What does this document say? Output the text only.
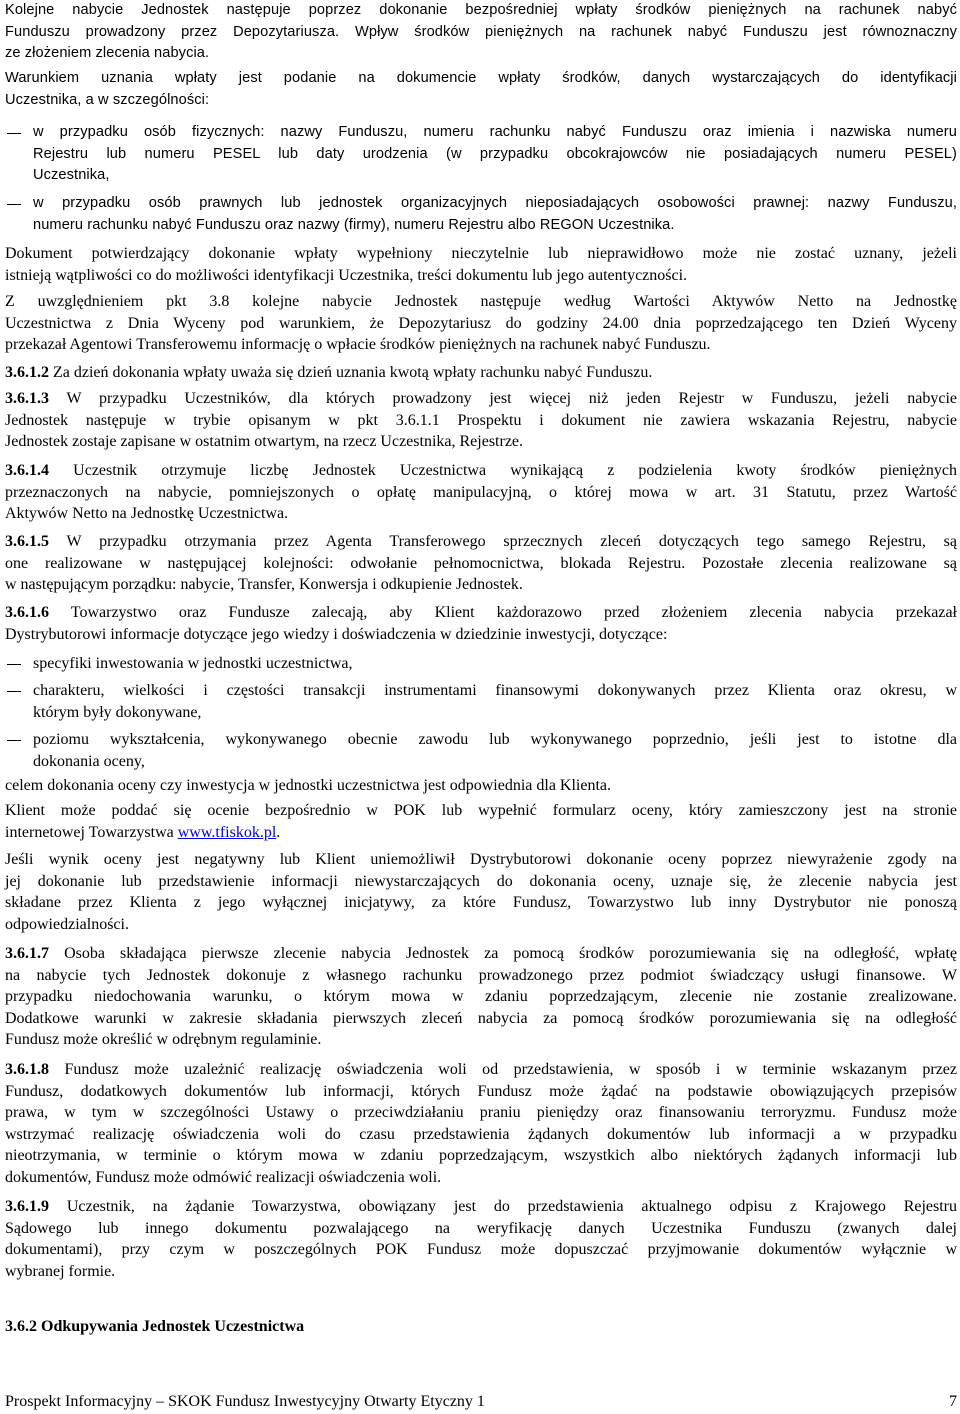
Kolejne nabycie Jednostek następuje poprzez dokonanie bezpośredniej wpłaty środków pieniężnych na rachunek nabyć
Funduszu prowadzony przez Depozytariusza. Wpływ środków pieniężnych na rachunek nabyć Funduszu jest równoznaczny
ze złożeniem zlecenia nabycia.
Warunkiem uznania wpłaty jest podanie na dokumencie wpłaty środków, danych wystarczających do identyfikacji
Uczestnika, a w szczególności:
w przypadku osób fizycznych: nazwy Funduszu, numeru rachunku nabyć Funduszu oraz imienia i nazwiska numeru
Rejestru lub numeru PESEL lub daty urodzenia (w przypadku obcokrajowców nie posiadających numeru PESEL)
Uczestnika,
w przypadku osób prawnych lub jednostek organizacyjnych nieposiadających osobowości prawnej: nazwy Funduszu,
numeru rachunku nabyć Funduszu oraz nazwy (firmy), numeru Rejestru albo REGON Uczestnika.
Dokument potwierdzający dokonanie wpłaty wypełniony nieczytelnie lub nieprawidłowo może nie zostać uznany, jeżeli
istnieją wątpliwości co do możliwości identyfikacji Uczestnika, treści dokumentu lub jego autentyczności.
Z uwzględnieniem pkt 3.8 kolejne nabycie Jednostek następuje według Wartości Aktywów Netto na Jednostkę
Uczestnictwa z Dnia Wyceny pod warunkiem, że Depozytariusz do godziny 24.00 dnia poprzedzającego ten Dzień Wyceny
przekazał Agentowi Transferowemu informację o wpłacie środków pieniężnych na rachunek nabyć Funduszu.
3.6.1.2 Za dzień dokonania wpłaty uważa się dzień uznania kwotą wpłaty rachunku nabyć Funduszu.
3.6.1.3 W przypadku Uczestników, dla których prowadzony jest więcej niż jeden Rejestr w Funduszu, jeżeli nabycie
Jednostek następuje w trybie opisanym w pkt 3.6.1.1 Prospektu i dokument nie zawiera wskazania Rejestru, nabycie
Jednostek zostaje zapisane w ostatnim otwartym, na rzecz Uczestnika, Rejestrze.
3.6.1.4 Uczestnik otrzymuje liczbę Jednostek Uczestnictwa wynikającą z podzielenia kwoty środków pieniężnych
przeznaczonych na nabycie, pomniejszonych o opłatę manipulacyjną, o której mowa w art. 31 Statutu, przez Wartość
Aktywów Netto na Jednostkę Uczestnictwa.
3.6.1.5 W przypadku otrzymania przez Agenta Transferowego sprzecznych zleceń dotyczących tego samego Rejestru, są
one realizowane w następującej kolejności: odwołanie pełnomocnictwa, blokada Rejestru. Pozostałe zlecenia realizowane są
w następującym porządku: nabycie, Transfer, Konwersja i odkupienie Jednostek.
3.6.1.6 Towarzystwo oraz Fundusze zalecają, aby Klient każdorazowo przed złożeniem zlecenia nabycia przekazał
Dystrybutorowi informacje dotyczące jego wiedzy i doświadczenia w dziedzinie inwestycji, dotyczące:
specyfiki inwestowania w jednostki uczestnictwa,
charakteru, wielkości i częstości transakcji instrumentami finansowymi dokonywanych przez Klienta oraz okresu, w
którym były dokonywane,
poziomu wykształcenia, wykonywanego obecnie zawodu lub wykonywanego poprzednio, jeśli jest to istotne dla
dokonania oceny,
celem dokonania oceny czy inwestycja w jednostki uczestnictwa jest odpowiednia dla Klienta.
Klient może poddać się ocenie bezpośrednio w POK lub wypełnić formularz oceny, który zamieszczony jest na stronie
internetowej Towarzystwa www.tfiskok.pl.
Jeśli wynik oceny jest negatywny lub Klient uniemożliwił Dystrybutorowi dokonanie oceny poprzez niewyrażenie zgody na
jej dokonanie lub przedstawienie informacji niewystarczających do dokonania oceny, uznaje się, że zlecenie nabycia jest
składane przez Klienta z jego wyłącznej inicjatywy, za które Fundusz, Towarzystwo lub inny Dystrybutor nie ponoszą
odpowiedzialności.
3.6.1.7 Osoba składająca pierwsze zlecenie nabycia Jednostek za pomocą środków porozumiewania się na odległość, wpłatę
na nabycie tych Jednostek dokonuje z własnego rachunku prowadzonego przez podmiot świadczący usługi finansowe. W
przypadku niedochowania warunku, o którym mowa w zdaniu poprzedzającym, zlecenie nie zostanie zrealizowane.
Dodatkowe warunki w zakresie składania pierwszych zleceń nabycia za pomocą środków porozumiewania się na odległość
Fundusz może określić w odrębnym regulaminie.
3.6.1.8 Fundusz może uzależnić realizację oświadczenia woli od przedstawienia, w sposób i w terminie wskazanym przez
Fundusz, dodatkowych dokumentów lub informacji, których Fundusz może żądać na podstawie obowiązujących przepisów
prawa, w tym w szczególności Ustawy o przeciwdziałaniu praniu pieniędzy oraz finansowaniu terroryzmu. Fundusz może
wstrzymać realizację oświadczenia woli do czasu przedstawienia żądanych dokumentów lub informacji a w przypadku
nieotrzymania, w terminie o którym mowa w zdaniu poprzedzającym, wszystkich albo niektórych żądanych informacji lub
dokumentów, Fundusz może odmówić realizacji oświadczenia woli.
3.6.1.9 Uczestnik, na żądanie Towarzystwa, obowiązany jest do przedstawienia aktualnego odpisu z Krajowego Rejestru
Sądowego lub innego dokumentu pozwalającego na weryfikację danych Uczestnika Funduszu (zwanych dalej
dokumentami), przy czym w poszczególnych POK Fundusz może dopuszczać przyjmowanie dokumentów wyłącznie w
wybranej formie.
3.6.2 Odkupywania Jednostek Uczestnictwa
Prospekt Informacyjny – SKOK Fundusz Inwestycyjny Otwarty Etyczny 1	7
